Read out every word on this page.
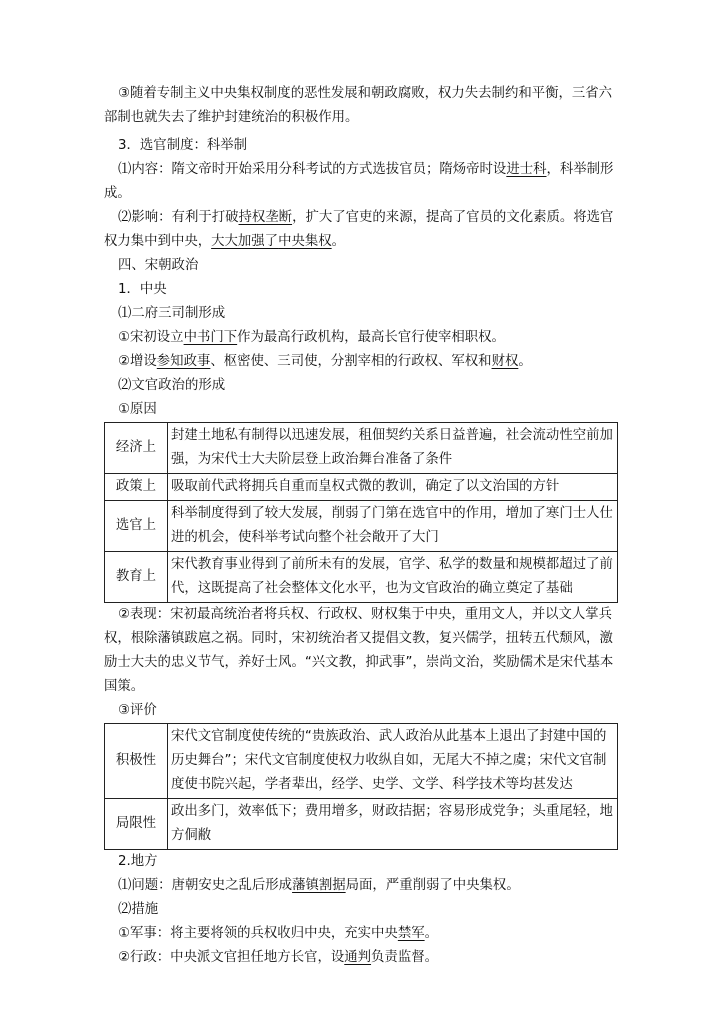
③随着专制主义中央集权制度的恶性发展和朝政腐败，权力失去制约和平衡，三省六部制也就失去了维护封建统治的积极作用。

3．选官制度：科举制

⑴内容：隋文帝时开始采用分科考试的方式选拔官员；隋炀帝时设进士科，科举制形成。

⑵影响：有利于打破持权垄断，扩大了官吏的来源，提高了官员的文化素质。将选官权力集中到中央，大大加强了中央集权。

四、宋朝政治

1．中央

⑴二府三司制形成

①宋初设立中书门下作为最高行政机构，最高长官行使宰相职权。

②增设参知政事、枢密使、三司使，分割宰相的行政权、军权和财权。

⑵文官政治的形成

①原因

经济上	封建土地私有制得以迅速发展，租佃契约关系日益普遍，社会流动性空前加强，为宋代士大夫阶层登上政治舞台准备了条件
政策上	吸取前代武将拥兵自重而皇权式微的教训，确定了以文治国的方针
选官上	科举制度得到了较大发展，削弱了门第在选官中的作用，增加了寒门士人仕进的机会，使科举考试向整个社会敞开了大门
教育上	宋代教育事业得到了前所未有的发展，官学、私学的数量和规模都超过了前代，这既提高了社会整体文化水平，也为文官政治的确立奠定了基础

②表现：宋初最高统治者将兵权、行政权、财权集于中央，重用文人，并以文人掌兵权，根除藩镇跋扈之祸。同时，宋初统治者又提倡文教，复兴儒学，扭转五代颓风，激励士大夫的忠义节气，养好士风。“兴文教，抑武事”，崇尚文治，奖励儒术是宋代基本国策。

③评价

积极性	宋代文官制度使传统的“贵族政治、武人政治从此基本上退出了封建中国的历史舞台”；宋代文官制度使权力收纵自如，无尾大不掉之虞；宋代文官制度使书院兴起，学者辈出，经学、史学、文学、科学技术等均甚发达
局限性	政出多门，效率低下；费用增多，财政拮据；容易形成党争；头重尾轻，地方侗敝

2.地方

⑴问题：唐朝安史之乱后形成藩镇割据局面，严重削弱了中央集权。

⑵措施

①军事：将主要将领的兵权收归中央，充实中央禁军。

②行政：中央派文官担任地方长官，设通判负责监督。
